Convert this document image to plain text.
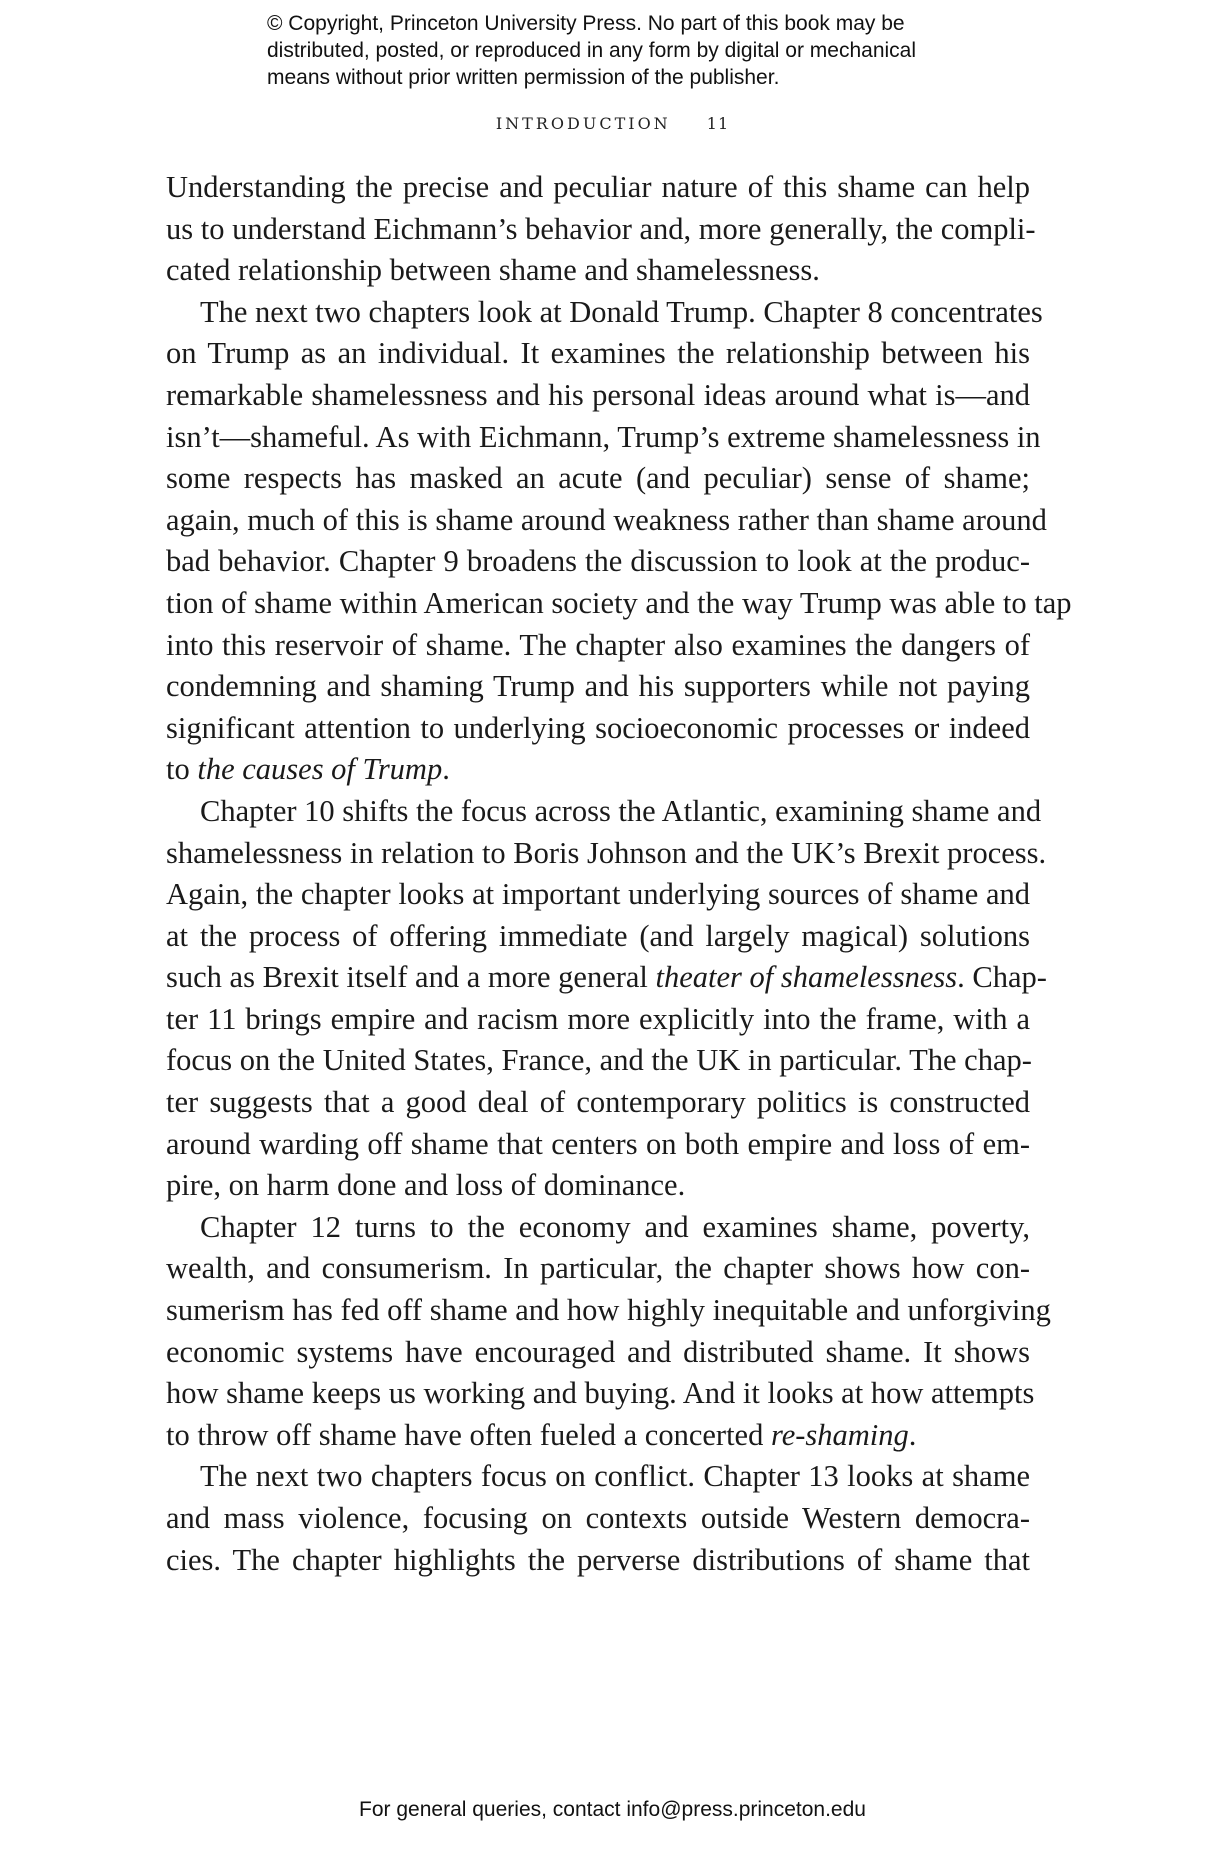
© Copyright, Princeton University Press. No part of this book may be
distributed, posted, or reproduced in any form by digital or mechanical
means without prior written permission of the publisher.
INTRODUCTION 11
Understanding the precise and peculiar nature of this shame can help
us to understand Eichmann’s behavior and, more generally, the compli-
cated relationship between shame and shamelessness.
The next two chapters look at Donald Trump. Chapter 8 concentrates
on Trump as an individual. It examines the relationship between his
remarkable shamelessness and his personal ideas around what is—and
isn’t—shameful. As with Eichmann, Trump’s extreme shamelessness in
some respects has masked an acute (and peculiar) sense of shame;
again, much of this is shame around weakness rather than shame around
bad behavior. Chapter 9 broadens the discussion to look at the produc-
tion of shame within American society and the way Trump was able to tap
into this reservoir of shame. The chapter also examines the dangers of
condemning and shaming Trump and his supporters while not paying
significant attention to underlying socioeconomic processes or indeed
to the causes of Trump.
Chapter 10 shifts the focus across the Atlantic, examining shame and
shamelessness in relation to Boris Johnson and the UK’s Brexit process.
Again, the chapter looks at important underlying sources of shame and
at the process of offering immediate (and largely magical) solutions
such as Brexit itself and a more general theater of shamelessness. Chap-
ter 11 brings empire and racism more explicitly into the frame, with a
focus on the United States, France, and the UK in particular. The chap-
ter suggests that a good deal of contemporary politics is constructed
around warding off shame that centers on both empire and loss of em-
pire, on harm done and loss of dominance.
Chapter 12 turns to the economy and examines shame, poverty,
wealth, and consumerism. In particular, the chapter shows how con-
sumerism has fed off shame and how highly inequitable and unforgiving
economic systems have encouraged and distributed shame. It shows
how shame keeps us working and buying. And it looks at how attempts
to throw off shame have often fueled a concerted re-shaming.
The next two chapters focus on conflict. Chapter 13 looks at shame
and mass violence, focusing on contexts outside Western democra-
cies. The chapter highlights the perverse distributions of shame that
For general queries, contact info@press.princeton.edu
